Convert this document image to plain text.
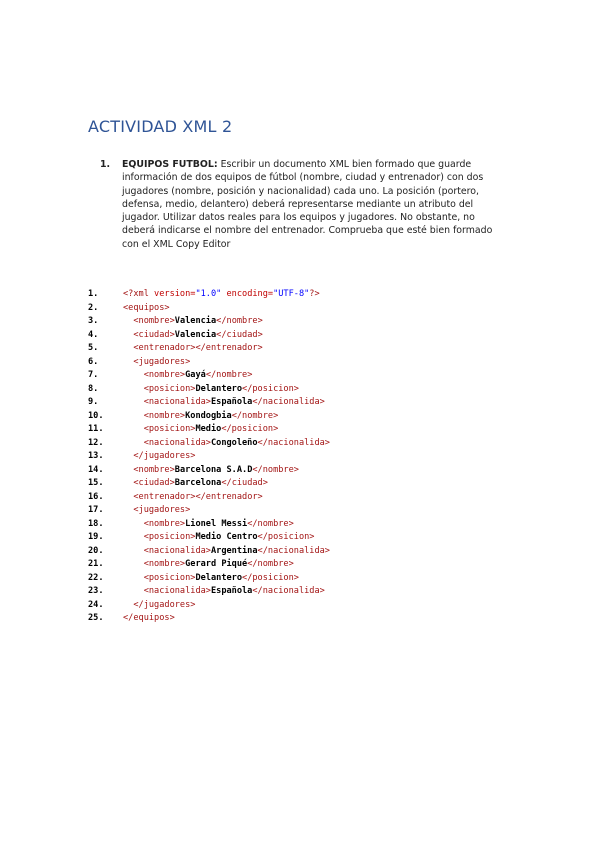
ACTIVIDAD XML 2
1. EQUIPOS FUTBOL: Escribir un documento XML bien formado que guarde información de dos equipos de fútbol (nombre, ciudad y entrenador) con dos jugadores (nombre, posición y nacionalidad) cada uno. La posición (portero, defensa, medio, delantero) deberá representarse mediante un atributo del jugador. Utilizar datos reales para los equipos y jugadores. No obstante, no deberá indicarse el nombre del entrenador. Comprueba que esté bien formado con el XML Copy Editor
1.	<?xml version="1.0" encoding="UTF-8"?>
2.	<equipos>
3.	<nombre>Valencia</nombre>
4.	<ciudad>Valencia</ciudad>
5.	<entrenador></entrenador>
6.	<jugadores>
7.	<nombre>Gayá</nombre>
8.	<posicion>Delantero</posicion>
9.	<nacionalida>Española</nacionalida>
10.	<nombre>Kondogbia</nombre>
11.	<posicion>Medio</posicion>
12.	<nacionalida>Congoleño</nacionalida>
13.	</jugadores>
14.	<nombre>Barcelona S.A.D</nombre>
15.	<ciudad>Barcelona</ciudad>
16.	<entrenador></entrenador>
17.	<jugadores>
18.	<nombre>Lionel Messi</nombre>
19.	<posicion>Medio Centro</posicion>
20.	<nacionalida>Argentina</nacionalida>
21.	<nombre>Gerard Piqué</nombre>
22.	<posicion>Delantero</posicion>
23.	<nacionalida>Española</nacionalida>
24.	</jugadores>
25.	</equipos>
